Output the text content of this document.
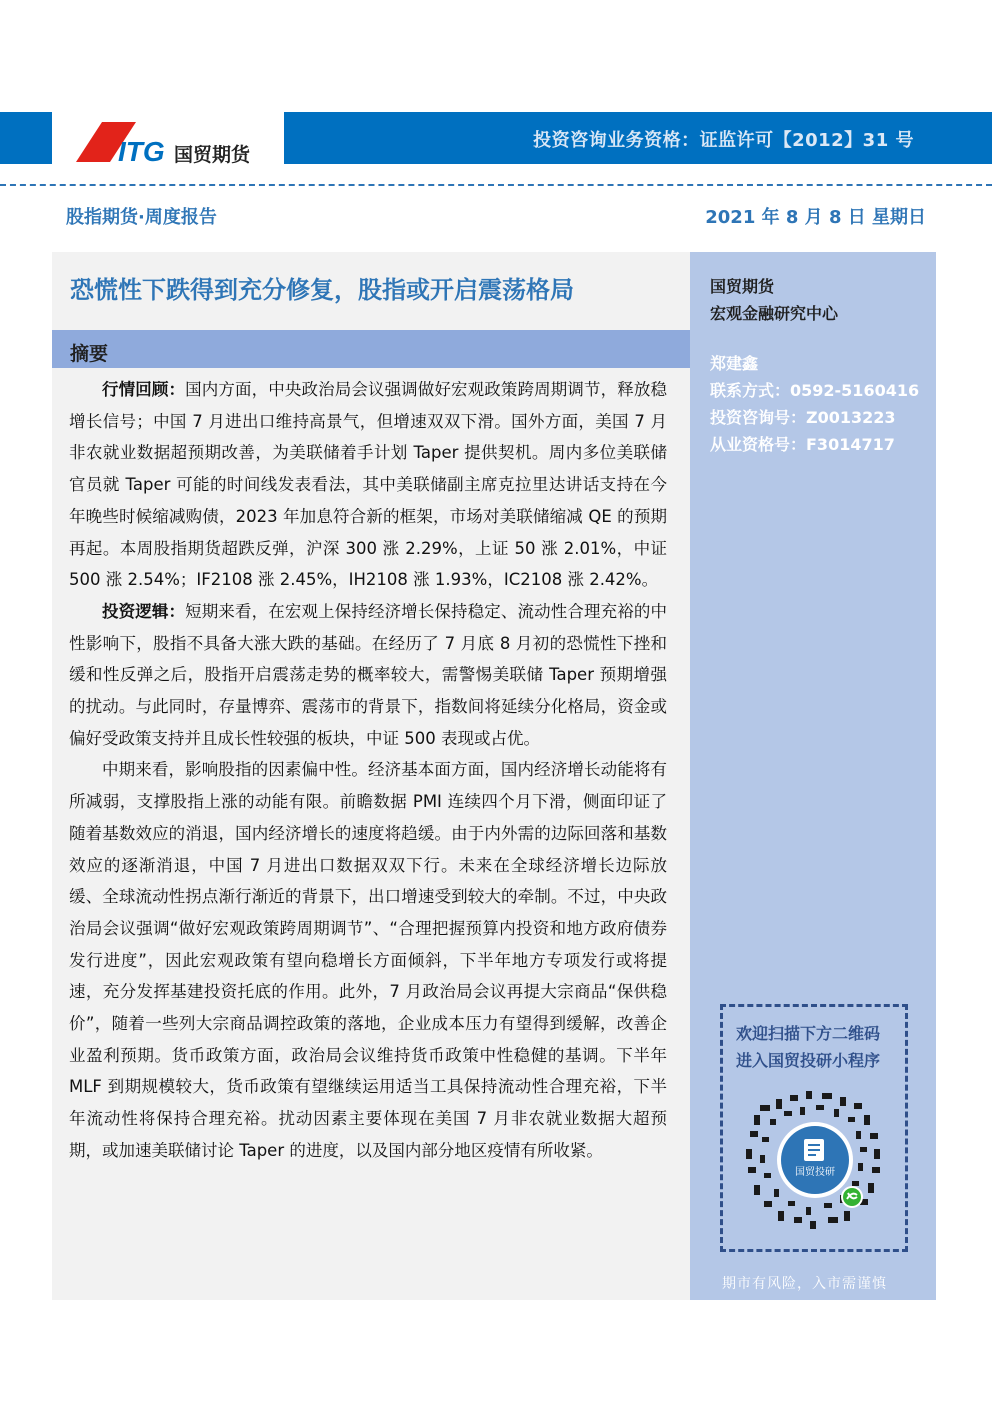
ITG 国贸期货
投资咨询业务资格：证监许可【2012】31 号
股指期货·周度报告	2021 年 8 月 8 日 星期日
恐慌性下跌得到充分修复，股指或开启震荡格局
摘要

行情回顾：国内方面，中央政治局会议强调做好宏观政策跨周期调节，释放稳增长信号；中国 7 月进出口维持高景气，但增速双双下滑。国外方面，美国 7 月非农就业数据超预期改善，为美联储着手计划 Taper 提供契机。周内多位美联储官员就 Taper 可能的时间线发表看法，其中美联储副主席克拉里达讲话支持在今年晚些时候缩减购债，2023 年加息符合新的框架，市场对美联储缩减 QE 的预期再起。本周股指期货超跌反弹，沪深 300 涨 2.29%，上证 50 涨 2.01%，中证 500 涨 2.54%；IF2108 涨 2.45%，IH2108 涨 1.93%，IC2108 涨 2.42%。

投资逻辑：短期来看，在宏观上保持经济增长保持稳定、流动性合理充裕的中性影响下，股指不具备大涨大跌的基础。在经历了 7 月底 8 月初的恐慌性下挫和缓和性反弹之后，股指开启震荡走势的概率较大，需警惕美联储 Taper 预期增强的扰动。与此同时，存量博弈、震荡市的背景下，指数间将延续分化格局，资金或偏好受政策支持并且成长性较强的板块，中证 500 表现或占优。

中期来看，影响股指的因素偏中性。经济基本面方面，国内经济增长动能将有所减弱，支撑股指上涨的动能有限。前瞻数据 PMI 连续四个月下滑，侧面印证了随着基数效应的消退，国内经济增长的速度将趋缓。由于内外需的边际回落和基数效应的逐渐消退，中国 7 月进出口数据双双下行。未来在全球经济增长边际放缓、全球流动性拐点渐行渐近的背景下，出口增速受到较大的牵制。不过，中央政治局会议强调“做好宏观政策跨周期调节”、“合理把握预算内投资和地方政府债券发行进度”，因此宏观政策有望向稳增长方面倾斜，下半年地方专项发行或将提速，充分发挥基建投资托底的作用。此外，7 月政治局会议再提大宗商品“保供稳价”，随着一些列大宗商品调控政策的落地，企业成本压力有望得到缓解，改善企业盈利预期。货币政策方面，政治局会议维持货币政策中性稳健的基调。下半年 MLF 到期规模较大，货币政策有望继续运用适当工具保持流动性合理充裕，下半年流动性将保持合理充裕。扰动因素主要体现在美国 7 月非农就业数据大超预期，或加速美联储讨论 Taper 的进度，以及国内部分地区疫情有所收紧。

国贸期货
宏观金融研究中心
郑建鑫
联系方式：0592-5160416
投资咨询号：Z0013223
从业资格号：F3014717
欢迎扫描下方二维码
进入国贸投研小程序
国贸投研
期市有风险，入市需谨慎
